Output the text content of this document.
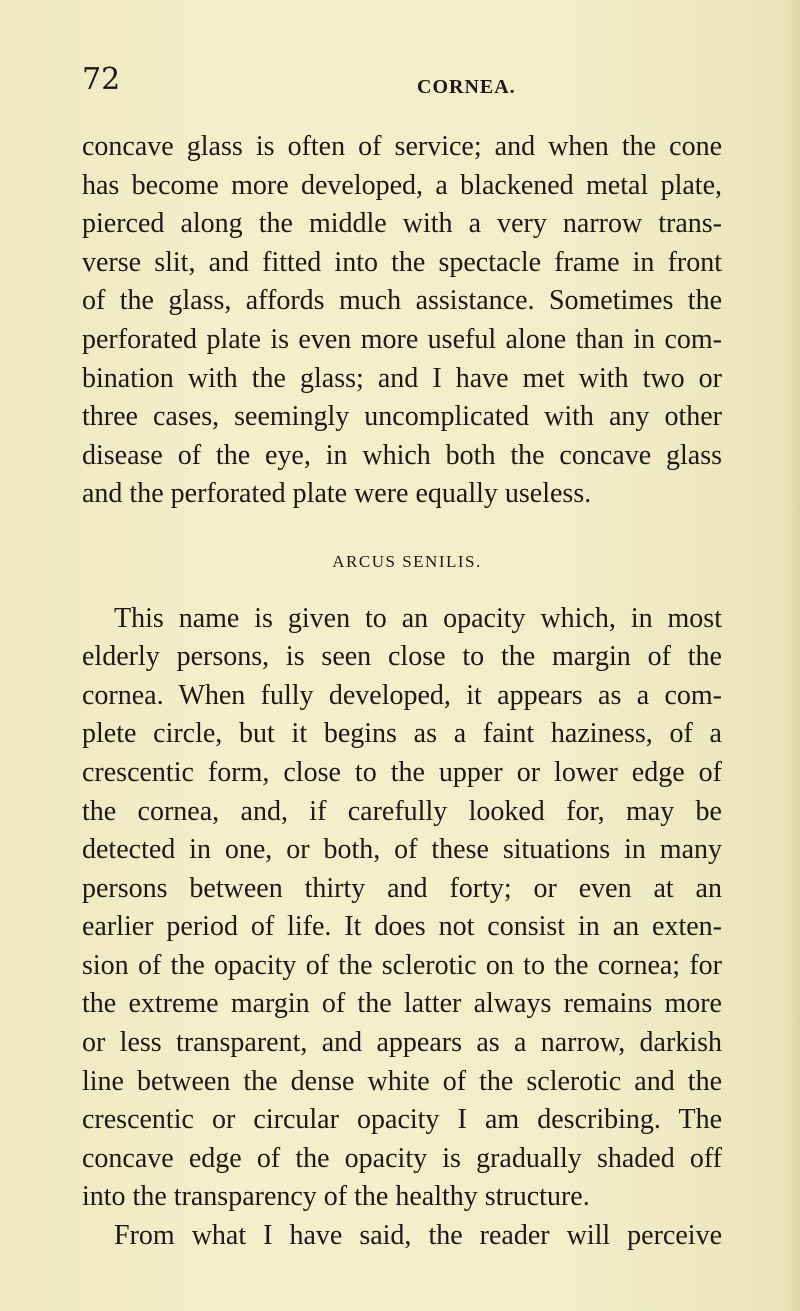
72	CORNEA.
concave glass is often of service; and when the cone
has become more developed, a blackened metal plate,
pierced along the middle with a very narrow trans-
verse slit, and fitted into the spectacle frame in front
of the glass, affords much assistance. Sometimes the
perforated plate is even more useful alone than in com-
bination with the glass; and I have met with two or
three cases, seemingly uncomplicated with any other
disease of the eye, in which both the concave glass
and the perforated plate were equally useless.
ARCUS SENILIS.
This name is given to an opacity which, in most
elderly persons, is seen close to the margin of the
cornea. When fully developed, it appears as a com-
plete circle, but it begins as a faint haziness, of a
crescentic form, close to the upper or lower edge of
the cornea, and, if carefully looked for, may be
detected in one, or both, of these situations in many
persons between thirty and forty; or even at an
earlier period of life. It does not consist in an exten-
sion of the opacity of the sclerotic on to the cornea; for
the extreme margin of the latter always remains more
or less transparent, and appears as a narrow, darkish
line between the dense white of the sclerotic and the
crescentic or circular opacity I am describing. The
concave edge of the opacity is gradually shaded off
into the transparency of the healthy structure.
From what I have said, the reader will perceive
